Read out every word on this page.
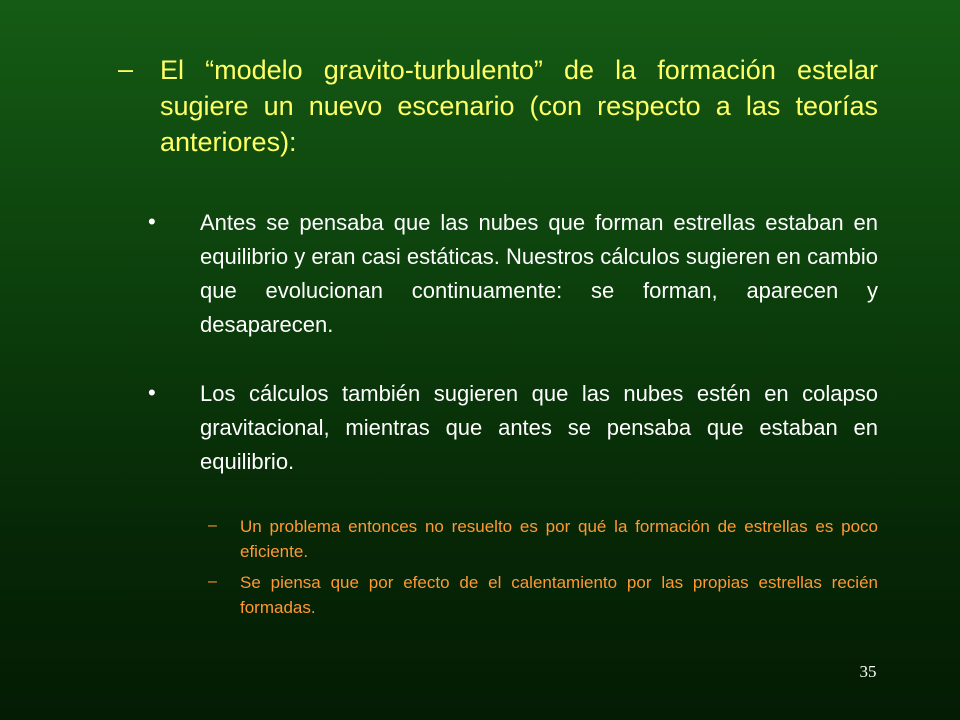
– El “modelo gravito-turbulento” de la formación estelar sugiere un nuevo escenario (con respecto a las teorías anteriores):
•	Antes se pensaba que las nubes que forman estrellas estaban en equilibrio y eran casi estáticas. Nuestros cálculos sugieren en cambio que evolucionan continuamente: se forman, aparecen y desaparecen.
•	Los cálculos también sugieren que las nubes estén en colapso gravitacional, mientras que antes se pensaba que estaban en equilibrio.
–	Un problema entonces no resuelto es por qué la formación de estrellas es poco eficiente.
–	Se piensa que por efecto de el calentamiento por las propias estrellas recién formadas.
35
